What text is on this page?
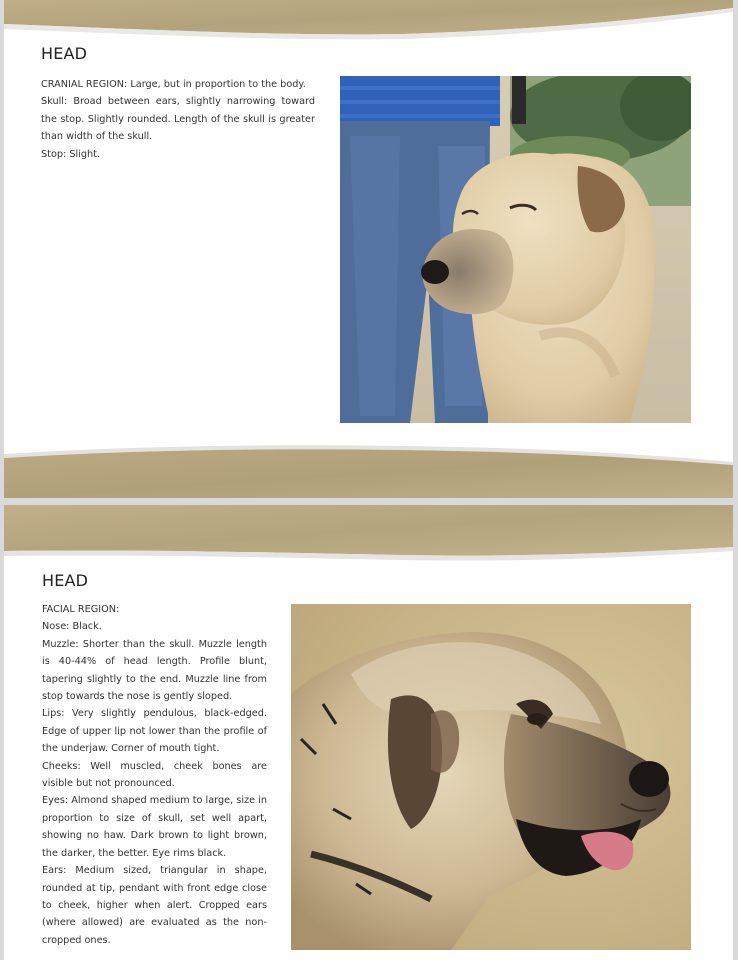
HEAD

CRANIAL REGION: Large, but in proportion to the body.

Skull: Broad between ears, slightly narrowing toward the stop. Slightly rounded. Length of the skull is greater than width of the skull.

Stop: Slight.

HEAD

FACIAL REGION:

Nose: Black.

Muzzle: Shorter than the skull. Muzzle length is 40-44% of head length. Profile blunt, tapering slightly to the end. Muzzle line from stop towards the nose is gently sloped.

Lips: Very slightly pendulous, black-edged. Edge of upper lip not lower than the profile of the underjaw. Corner of mouth tight.

Cheeks: Well muscled, cheek bones are visible but not pronounced.

Eyes: Almond shaped medium to large, size in proportion to size of skull, set well apart, showing no haw. Dark brown to light brown, the darker, the better. Eye rims black.

Ears: Medium sized, triangular in shape, rounded at tip, pendant with front edge close to cheek, higher when alert. Cropped ears (where allowed) are evaluated as the non-cropped ones.
